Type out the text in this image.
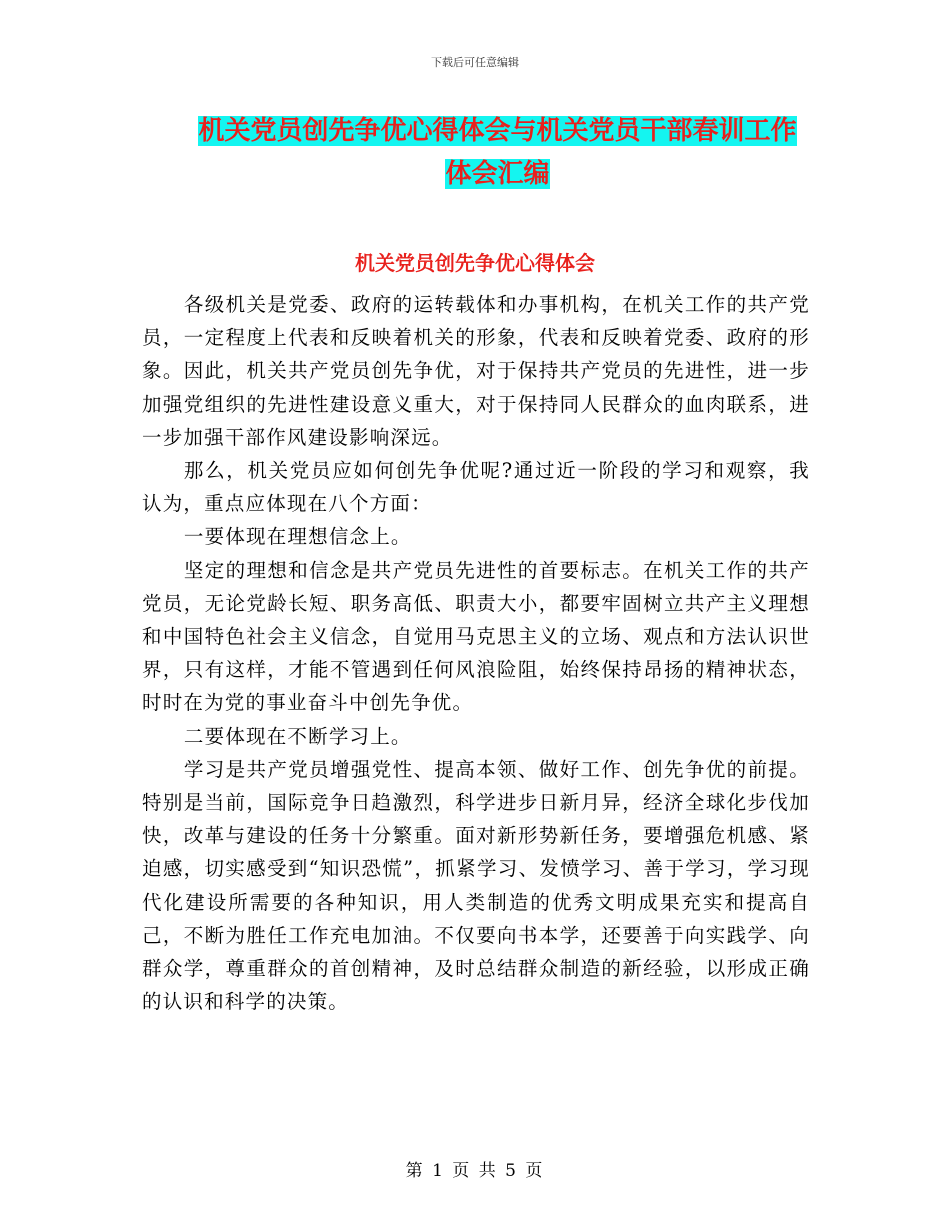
下载后可任意编辑
机关党员创先争优心得体会与机关党员干部春训工作
体会汇编
机关党员创先争优心得体会

各级机关是党委、政府的运转载体和办事机构，在机关工作的共产党员，一定程度上代表和反映着机关的形象，代表和反映着党委、政府的形象。因此，机关共产党员创先争优，对于保持共产党员的先进性，进一步加强党组织的先进性建设意义重大，对于保持同人民群众的血肉联系，进一步加强干部作风建设影响深远。

那么，机关党员应如何创先争优呢?通过近一阶段的学习和观察，我认为，重点应体现在八个方面：

一要体现在理想信念上。

坚定的理想和信念是共产党员先进性的首要标志。在机关工作的共产党员，无论党龄长短、职务高低、职责大小，都要牢固树立共产主义理想和中国特色社会主义信念，自觉用马克思主义的立场、观点和方法认识世界，只有这样，才能不管遇到任何风浪险阻，始终保持昂扬的精神状态，时时在为党的事业奋斗中创先争优。

二要体现在不断学习上。

学习是共产党员增强党性、提高本领、做好工作、创先争优的前提。特别是当前，国际竞争日趋激烈，科学进步日新月异，经济全球化步伐加快，改革与建设的任务十分繁重。面对新形势新任务，要增强危机感、紧迫感，切实感受到“知识恐慌”，抓紧学习、发愤学习、善于学习，学习现代化建设所需要的各种知识，用人类制造的优秀文明成果充实和提高自己，不断为胜任工作充电加油。不仅要向书本学，还要善于向实践学、向群众学，尊重群众的首创精神，及时总结群众制造的新经验，以形成正确的认识和科学的决策。

第 1 页 共 5 页
